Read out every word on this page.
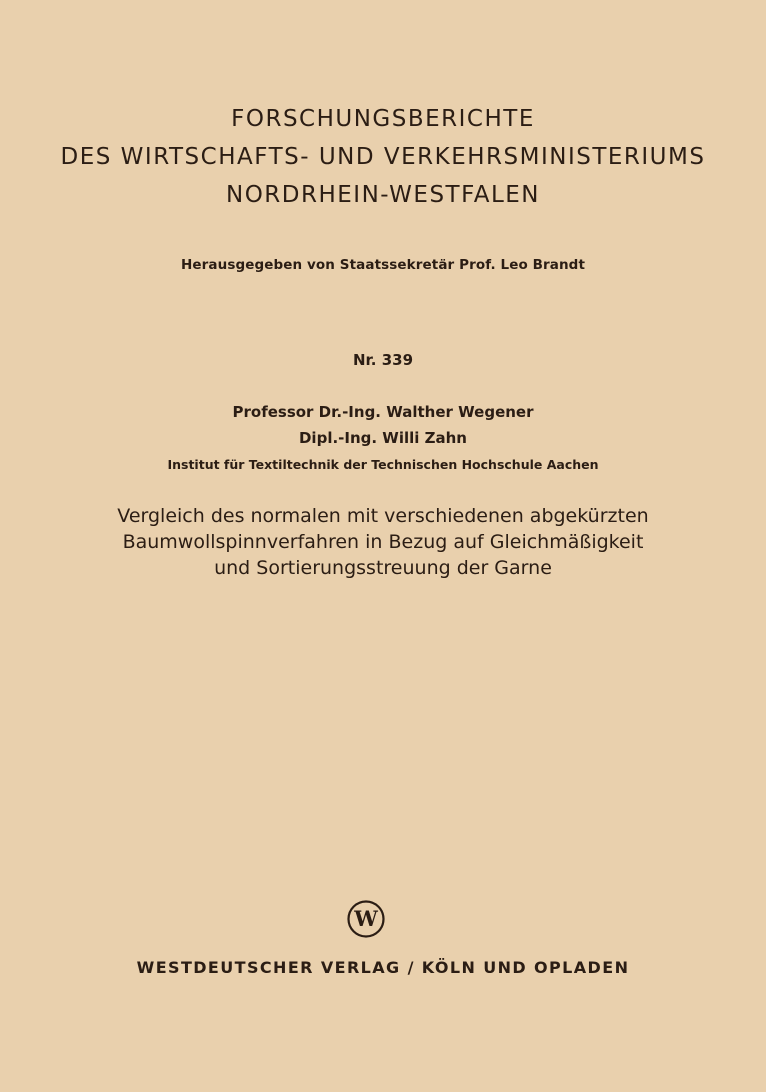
FORSCHUNGSBERICHTE
DES WIRTSCHAFTS- UND VERKEHRSMINISTERIUMS
NORDRHEIN-WESTFALEN
Herausgegeben von Staatssekretär Prof. Leo Brandt
Nr. 339
Professor Dr.-Ing. Walther Wegener
Dipl.-Ing. Willi Zahn
Institut für Textiltechnik der Technischen Hochschule Aachen
Vergleich des normalen mit verschiedenen abgekürzten
Baumwollspinnverfahren in Bezug auf Gleichmäßigkeit
und Sortierungsstreuung der Garne
W
WESTDEUTSCHER VERLAG / KÖLN UND OPLADEN
